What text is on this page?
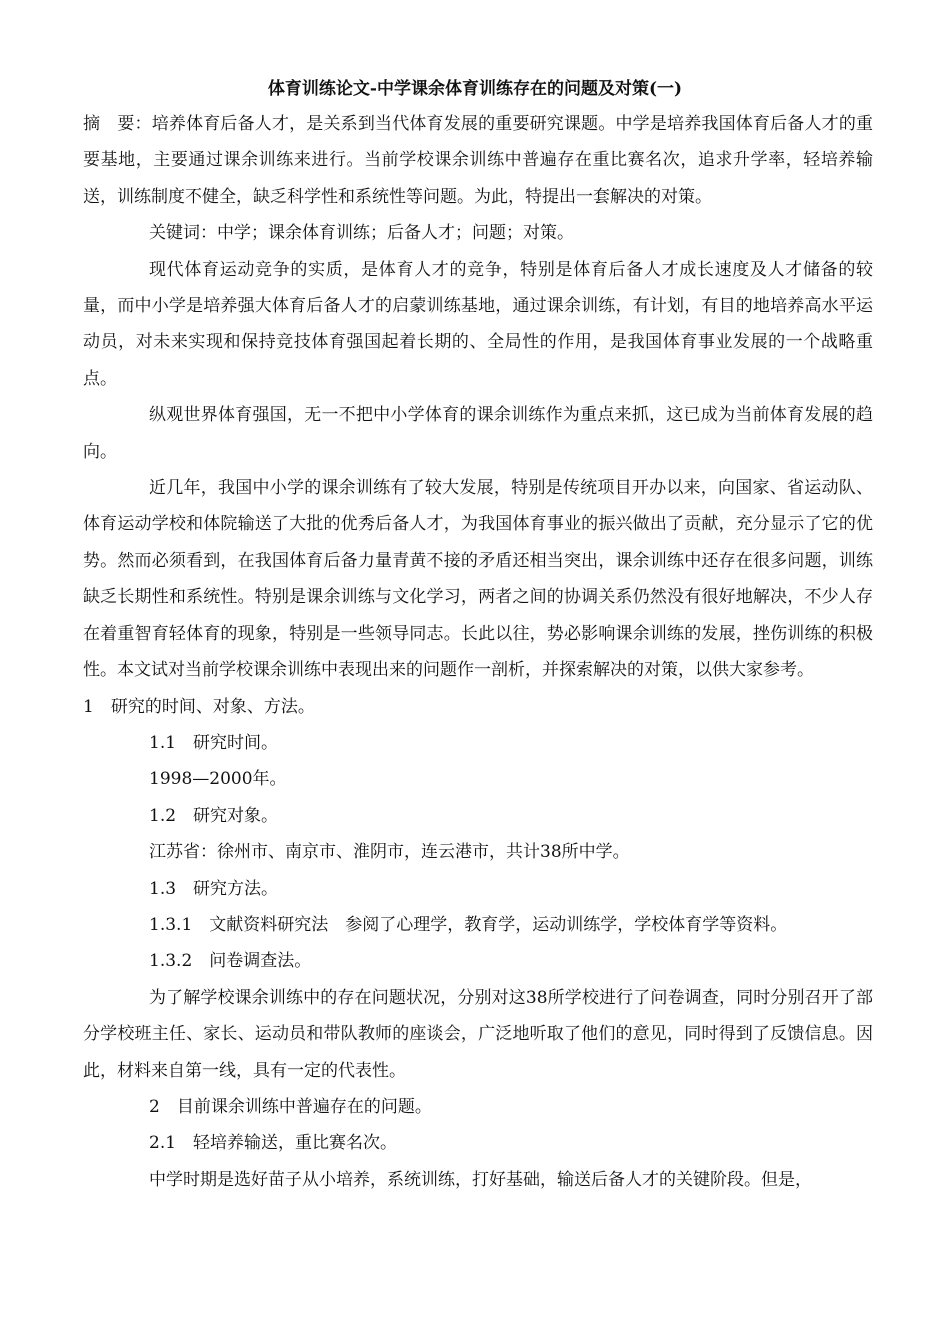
体育训练论文-中学课余体育训练存在的问题及对策(一)

摘　要：培养体育后备人才，是关系到当代体育发展的重要研究课题。中学是培养我国体育后备人才的重要基地，主要通过课余训练来进行。当前学校课余训练中普遍存在重比赛名次，追求升学率，轻培养输送，训练制度不健全，缺乏科学性和系统性等问题。为此，特提出一套解决的对策。

关键词：中学；课余体育训练；后备人才；问题；对策。

现代体育运动竞争的实质，是体育人才的竞争，特别是体育后备人才成长速度及人才储备的较量，而中小学是培养强大体育后备人才的启蒙训练基地，通过课余训练，有计划，有目的地培养高水平运动员，对未来实现和保持竞技体育强国起着长期的、全局性的作用，是我国体育事业发展的一个战略重点。

纵观世界体育强国，无一不把中小学体育的课余训练作为重点来抓，这已成为当前体育发展的趋向。

近几年，我国中小学的课余训练有了较大发展，特别是传统项目开办以来，向国家、省运动队、体育运动学校和体院输送了大批的优秀后备人才，为我国体育事业的振兴做出了贡献，充分显示了它的优势。然而必须看到，在我国体育后备力量青黄不接的矛盾还相当突出，课余训练中还存在很多问题，训练缺乏长期性和系统性。特别是课余训练与文化学习，两者之间的协调关系仍然没有很好地解决，不少人存在着重智育轻体育的现象，特别是一些领导同志。长此以往，势必影响课余训练的发展，挫伤训练的积极性。本文试对当前学校课余训练中表现出来的问题作一剖析，并探索解决的对策，以供大家参考。

1　研究的时间、对象、方法。

1.1　研究时间。

1998—2000年。

1.2　研究对象。

江苏省：徐州市、南京市、淮阴市，连云港市，共计38所中学。

1.3　研究方法。

1.3.1　文献资料研究法　参阅了心理学，教育学，运动训练学，学校体育学等资料。

1.3.2　问卷调查法。

为了解学校课余训练中的存在问题状况，分别对这38所学校进行了问卷调查，同时分别召开了部分学校班主任、家长、运动员和带队教师的座谈会，广泛地听取了他们的意见，同时得到了反馈信息。因此，材料来自第一线，具有一定的代表性。

2　目前课余训练中普遍存在的问题。

2.1　轻培养输送，重比赛名次。

中学时期是选好苗子从小培养，系统训练，打好基础，输送后备人才的关键阶段。但是，
